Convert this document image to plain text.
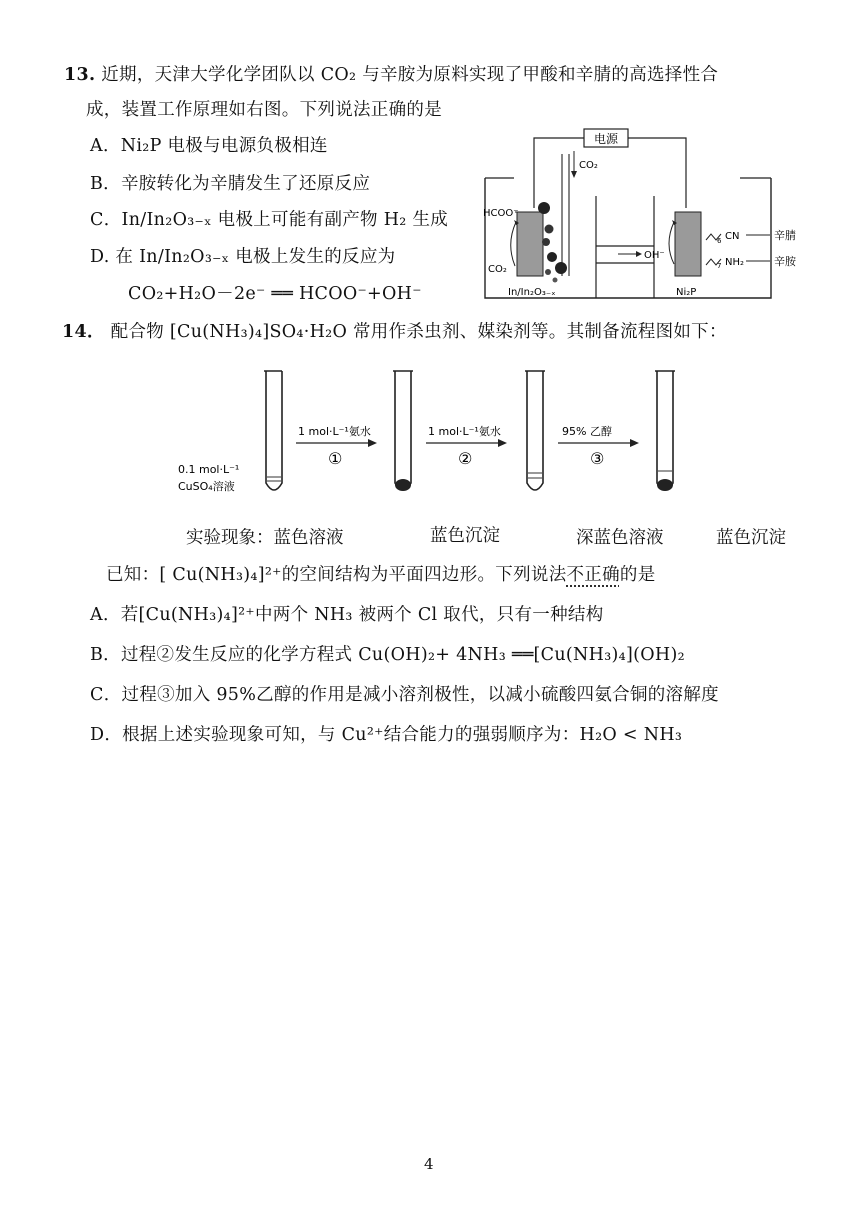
13. 近期，天津大学化学团队以 CO₂ 与辛胺为原料实现了甲酸和辛腈的高选择性合
成，装置工作原理如右图。下列说法正确的是
A．Ni₂P 电极与电源负极相连
B．辛胺转化为辛腈发生了还原反应
C．In/In₂O₃₋ₓ 电极上可能有副产物 H₂ 生成
D. 在 In/In₂O₃₋ₓ 电极上发生的反应为
CO₂+H₂O－2e⁻ ══ HCOO⁻+OH⁻
电源
CO₂
HCOO⁻
CO₂
In/In₂O₃₋ₓ
OH⁻
Ni₂P
6 CN
7 NH₂
辛腈
辛胺
14． 配合物 [Cu(NH₃)₄]SO₄·H₂O 常用作杀虫剂、媒染剂等。其制备流程图如下：
0.1 mol·L⁻¹
CuSO₄溶液
1 mol·L⁻¹氨水
①
1 mol·L⁻¹氨水
②
95% 乙醇
③
实验现象：蓝色溶液	蓝色沉淀	深蓝色溶液	蓝色沉淀
已知：[ Cu(NH₃)₄]²⁺的空间结构为平面四边形。下列说法不正确的是
A．若[Cu(NH₃)₄]²⁺中两个 NH₃ 被两个 Cl 取代，只有一种结构
B．过程②发生反应的化学方程式 Cu(OH)₂+ 4NH₃ ══[Cu(NH₃)₄](OH)₂
C．过程③加入 95%乙醇的作用是减小溶剂极性，以减小硫酸四氨合铜的溶解度
D．根据上述实验现象可知，与 Cu²⁺结合能力的强弱顺序为：H₂O < NH₃
4
